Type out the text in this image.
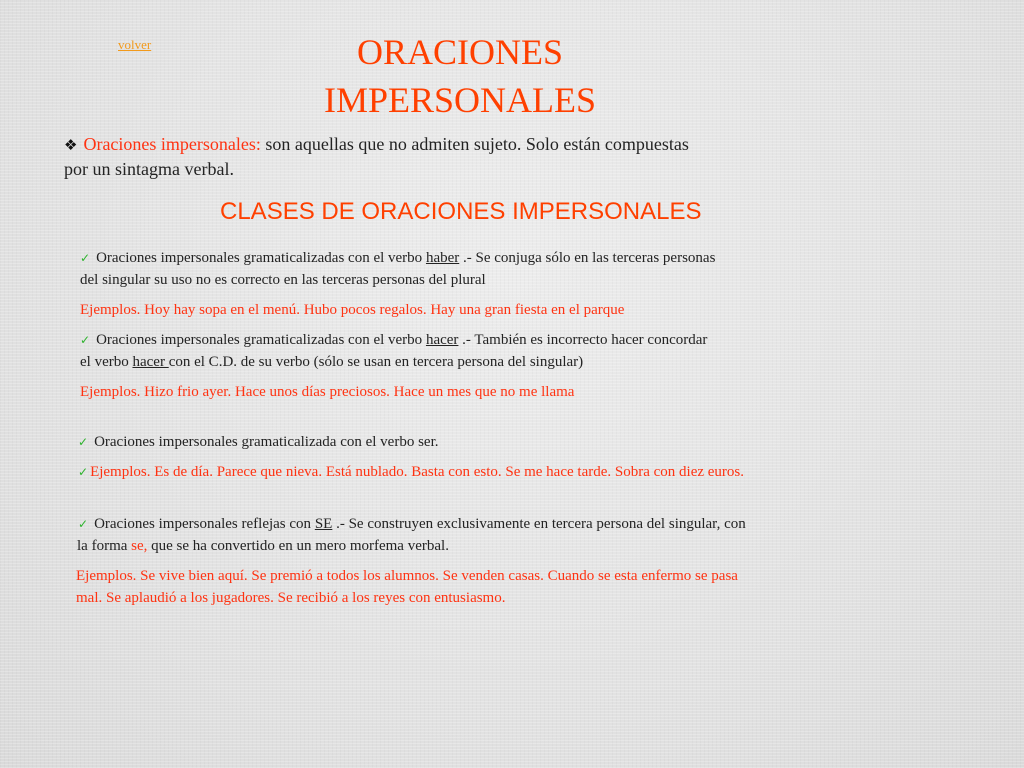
volver	ORACIONES
IMPERSONALES
❖ Oraciones impersonales: son aquellas que no admiten sujeto. Solo están compuestas
por un sintagma verbal.
CLASES DE ORACIONES IMPERSONALES
✓ Oraciones impersonales gramaticalizadas con el verbo haber .- Se conjuga sólo en las terceras personas
del singular su uso no es correcto en las terceras personas del plural
Ejemplos. Hoy hay sopa en el menú. Hubo pocos regalos. Hay una gran fiesta en el parque
✓ Oraciones impersonales gramaticalizadas con el verbo hacer .- También es incorrecto hacer concordar
el verbo hacer con el C.D. de su verbo (sólo se usan en tercera persona del singular)
Ejemplos. Hizo frio ayer. Hace unos días preciosos. Hace un mes que no me llama
✓ Oraciones impersonales gramaticalizada con el verbo ser.
✓ Ejemplos. Es de día. Parece que nieva. Está nublado. Basta con esto. Se me hace tarde. Sobra con diez euros.
✓ Oraciones impersonales reflejas con SE .- Se construyen exclusivamente en tercera persona del singular, con
la forma se, que se ha convertido en un mero morfema verbal.
Ejemplos. Se vive bien aquí. Se premió a todos los alumnos. Se venden casas. Cuando se esta enfermo se pasa
mal. Se aplaudió a los jugadores. Se recibió a los reyes con entusiasmo.
